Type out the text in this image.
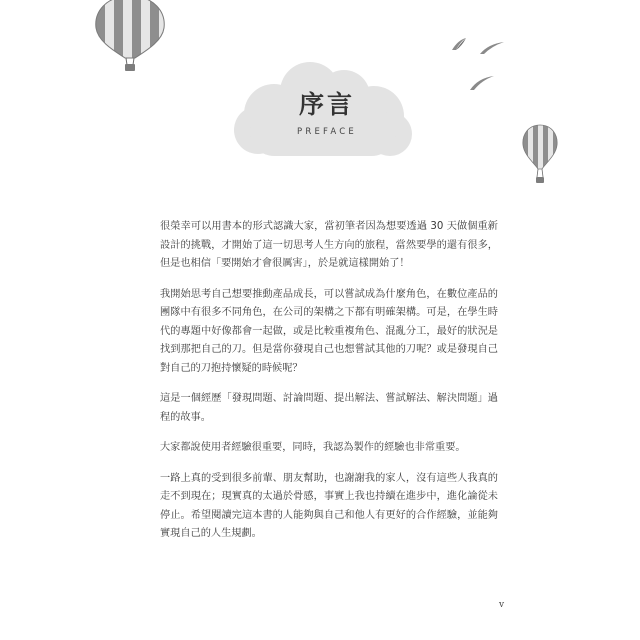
序言
PREFACE

很榮幸可以用書本的形式認識大家，當初筆者因為想要透過 30 天做個重新設計的挑戰，才開始了這一切思考人生方向的旅程，當然要學的還有很多，但是也相信「要開始才會很厲害」，於是就這樣開始了！

我開始思考自己想要推動產品成長，可以嘗試成為什麼角色，在數位產品的團隊中有很多不同角色，在公司的架構之下都有明確架構。可是，在學生時代的專題中好像都會一起做，或是比較重複角色、混亂分工，最好的狀況是找到那把自己的刀。但是當你發現自己也想嘗試其他的刀呢？或是發現自己對自己的刀抱持懷疑的時候呢？

這是一個經歷「發現問題、討論問題、提出解法、嘗試解法、解決問題」過程的故事。

大家都說使用者經驗很重要，同時，我認為製作的經驗也非常重要。

一路上真的受到很多前輩、朋友幫助，也謝謝我的家人，沒有這些人我真的走不到現在；現實真的太過於骨感，事實上我也持續在進步中，進化論從未停止。希望閱讀完這本書的人能夠與自己和他人有更好的合作經驗，並能夠實現自己的人生規劃。

v
